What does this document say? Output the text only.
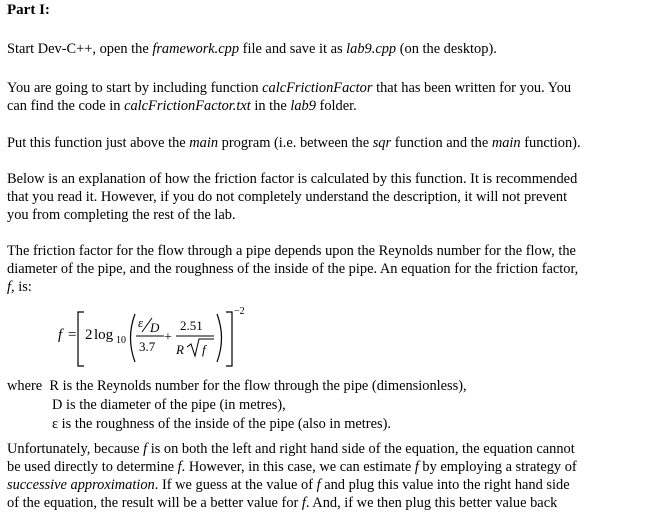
Part I:

Start Dev-C++, open the framework.cpp file and save it as lab9.cpp (on the desktop).

You are going to start by including function calcFrictionFactor that has been written for you. You

can find the code in calcFrictionFactor.txt in the lab9 folder.

Put this function just above the main program (i.e. between the sqr function and the main function).

Below is an explanation of how the friction factor is calculated by this function. It is recommended

that you read it. However, if you do not completely understand the description, it will not prevent

you from completing the rest of the lab.

The friction factor for the flow through a pipe depends upon the Reynolds number for the flow, the

diameter of the pipe, and the roughness of the inside of the pipe. An equation for the friction factor,

f, is:

f = 2 log 10
ε D
3.7
+
2.51
R f
−2
where R is the Reynolds number for the flow through the pipe (dimensionless),
D is the diameter of the pipe (in metres),
ε is the roughness of the inside of the pipe (also in metres).

Unfortunately, because f is on both the left and right hand side of the equation, the equation cannot

be used directly to determine f. However, in this case, we can estimate f by employing a strategy of

successive approximation. If we guess at the value of f and plug this value into the right hand side

of the equation, the result will be a better value for f. And, if we then plug this better value back
